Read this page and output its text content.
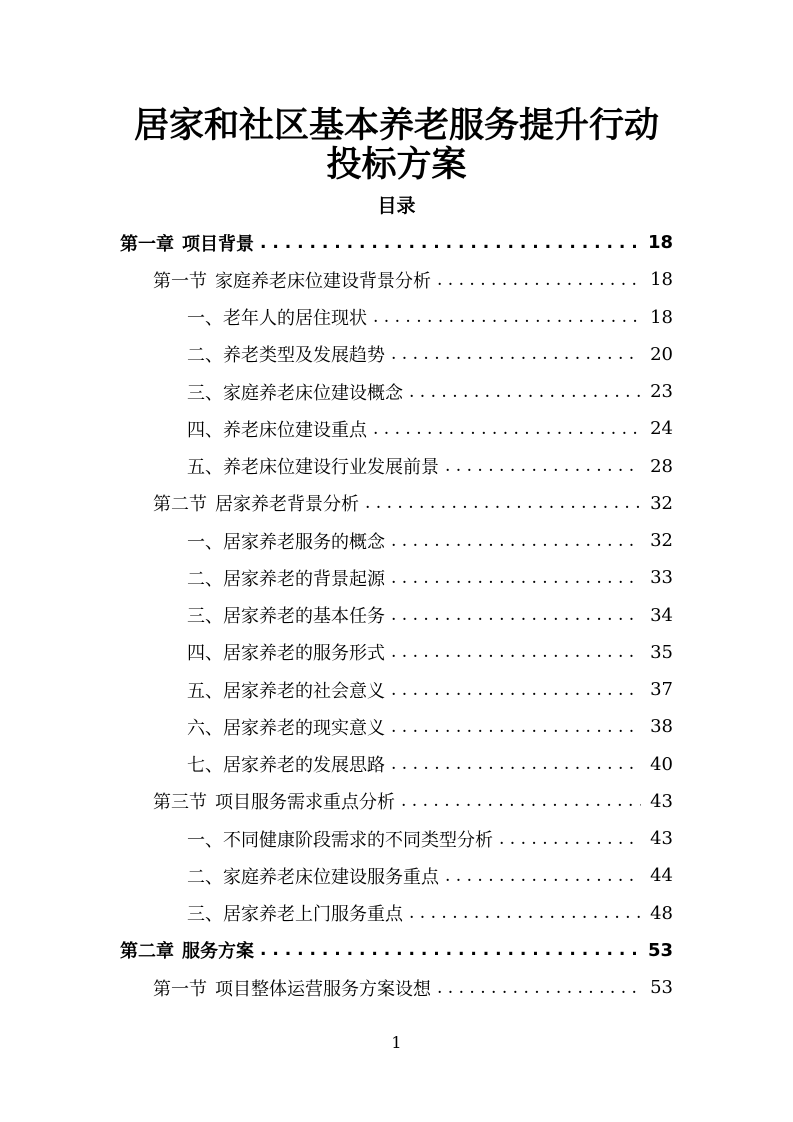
居家和社区基本养老服务提升行动
投标方案
目录
第一章 项目背景 . . .	18
第一节 家庭养老床位建设背景分析 . . .	18
一、老年人的居住现状 . . .	18
二、养老类型及发展趋势 . . .	20
三、家庭养老床位建设概念 . . .	23
四、养老床位建设重点 . . .	24
五、养老床位建设行业发展前景 . . .	28
第二节 居家养老背景分析 . . .	32
一、居家养老服务的概念 . . .	32
二、居家养老的背景起源 . . .	33
三、居家养老的基本任务 . . .	34
四、居家养老的服务形式 . . .	35
五、居家养老的社会意义 . . .	37
六、居家养老的现实意义 . . .	38
七、居家养老的发展思路 . . .	40
第三节 项目服务需求重点分析 . . .	43
一、不同健康阶段需求的不同类型分析 . . .	43
二、家庭养老床位建设服务重点 . . .	44
三、居家养老上门服务重点 . . .	48
第二章 服务方案 . . .	53
第一节 项目整体运营服务方案设想 . . .	53
1
